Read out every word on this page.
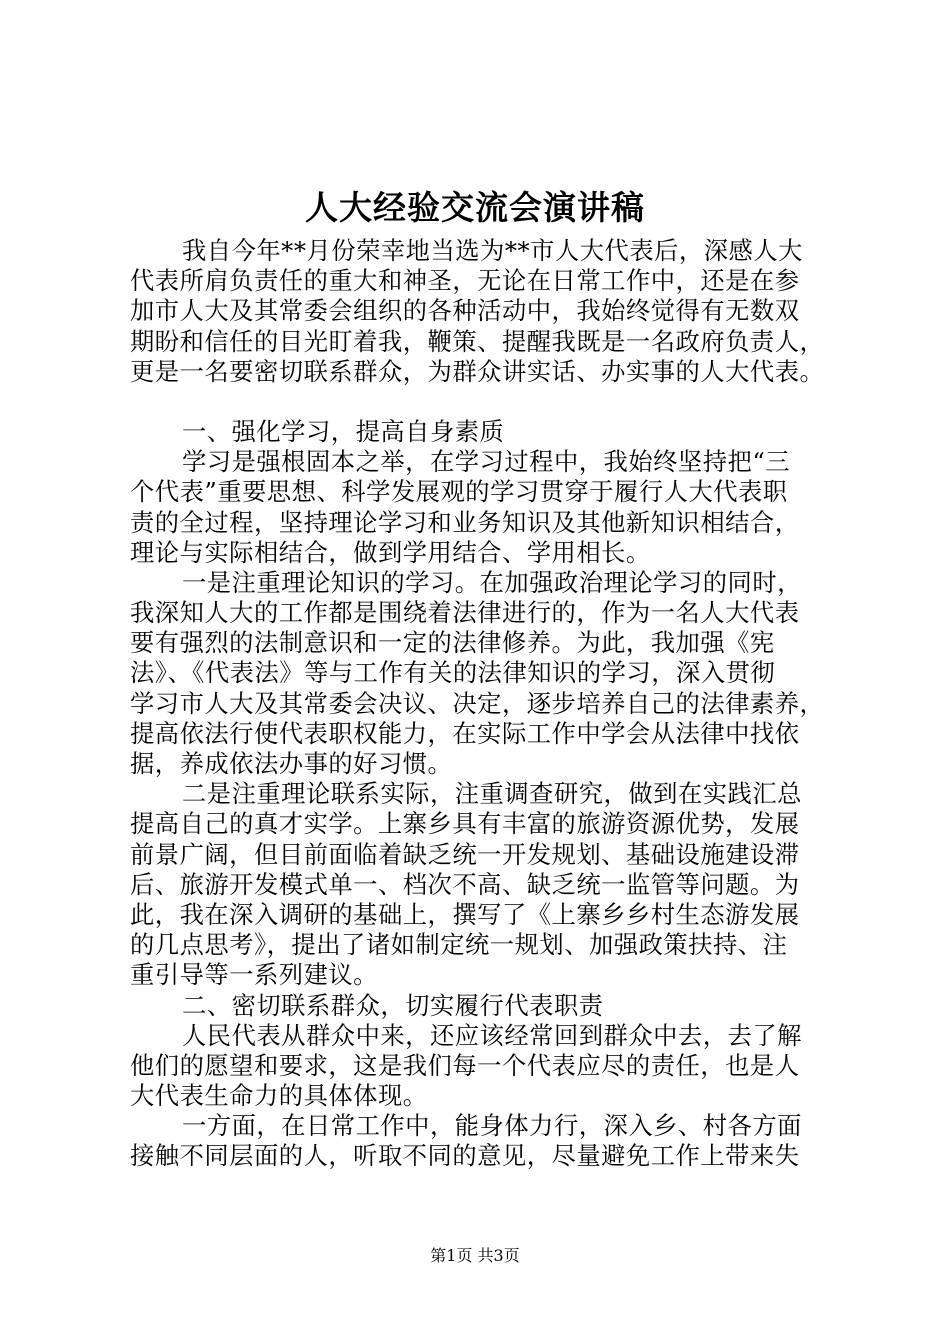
人大经验交流会演讲稿
我自今年**月份荣幸地当选为**市人大代表后，深感人大
代表所肩负责任的重大和神圣，无论在日常工作中，还是在参
加市人大及其常委会组织的各种活动中，我始终觉得有无数双
期盼和信任的目光盯着我，鞭策、提醒我既是一名政府负责人，
更是一名要密切联系群众，为群众讲实话、办实事的人大代表。
一、强化学习，提高自身素质
学习是强根固本之举，在学习过程中，我始终坚持把“三
个代表”重要思想、科学发展观的学习贯穿于履行人大代表职
责的全过程，坚持理论学习和业务知识及其他新知识相结合，
理论与实际相结合，做到学用结合、学用相长。
一是注重理论知识的学习。在加强政治理论学习的同时，
我深知人大的工作都是围绕着法律进行的，作为一名人大代表
要有强烈的法制意识和一定的法律修养。为此，我加强《宪
法》、《代表法》等与工作有关的法律知识的学习，深入贯彻
学习市人大及其常委会决议、决定，逐步培养自己的法律素养，
提高依法行使代表职权能力，在实际工作中学会从法律中找依
据，养成依法办事的好习惯。
二是注重理论联系实际，注重调查研究，做到在实践汇总
提高自己的真才实学。上寨乡具有丰富的旅游资源优势，发展
前景广阔，但目前面临着缺乏统一开发规划、基础设施建设滞
后、旅游开发模式单一、档次不高、缺乏统一监管等问题。为
此，我在深入调研的基础上，撰写了《上寨乡乡村生态游发展
的几点思考》，提出了诸如制定统一规划、加强政策扶持、注
重引导等一系列建议。
二、密切联系群众，切实履行代表职责
人民代表从群众中来，还应该经常回到群众中去，去了解
他们的愿望和要求，这是我们每一个代表应尽的责任，也是人
大代表生命力的具体体现。
一方面，在日常工作中，能身体力行，深入乡、村各方面
接触不同层面的人，听取不同的意见，尽量避免工作上带来失
第1页 共3页
